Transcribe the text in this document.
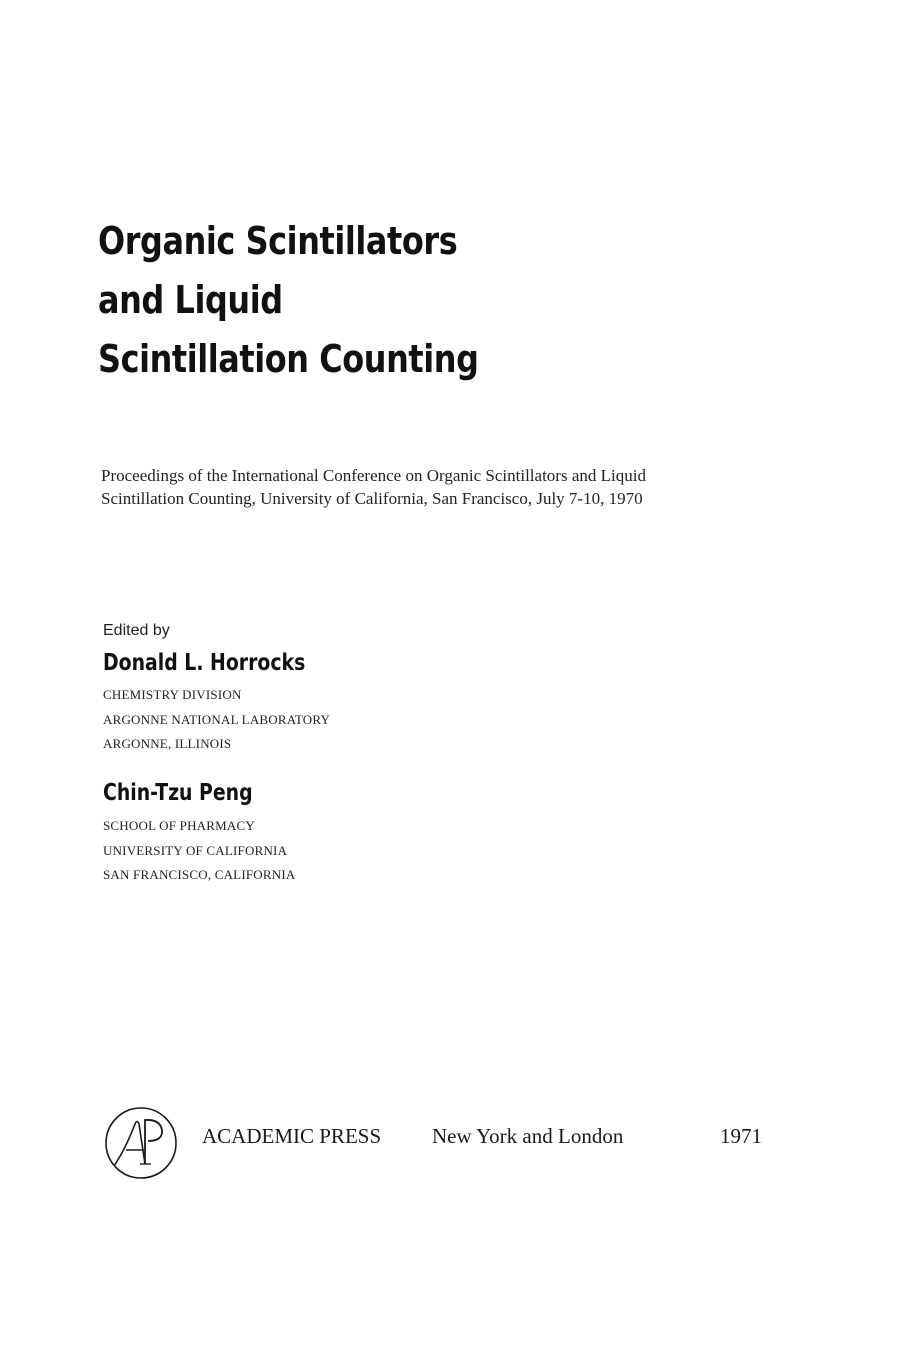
Organic Scintillators
and Liquid
Scintillation Counting

Proceedings of the International Conference on Organic Scintillators and Liquid
Scintillation Counting, University of California, San Francisco, July 7-10, 1970

Edited by
Donald L. Horrocks
CHEMISTRY DIVISION
ARGONNE NATIONAL LABORATORY
ARGONNE, ILLINOIS
Chin-Tzu Peng
SCHOOL OF PHARMACY
UNIVERSITY OF CALIFORNIA
SAN FRANCISCO, CALIFORNIA
ACADEMIC PRESS New York and London	1971
